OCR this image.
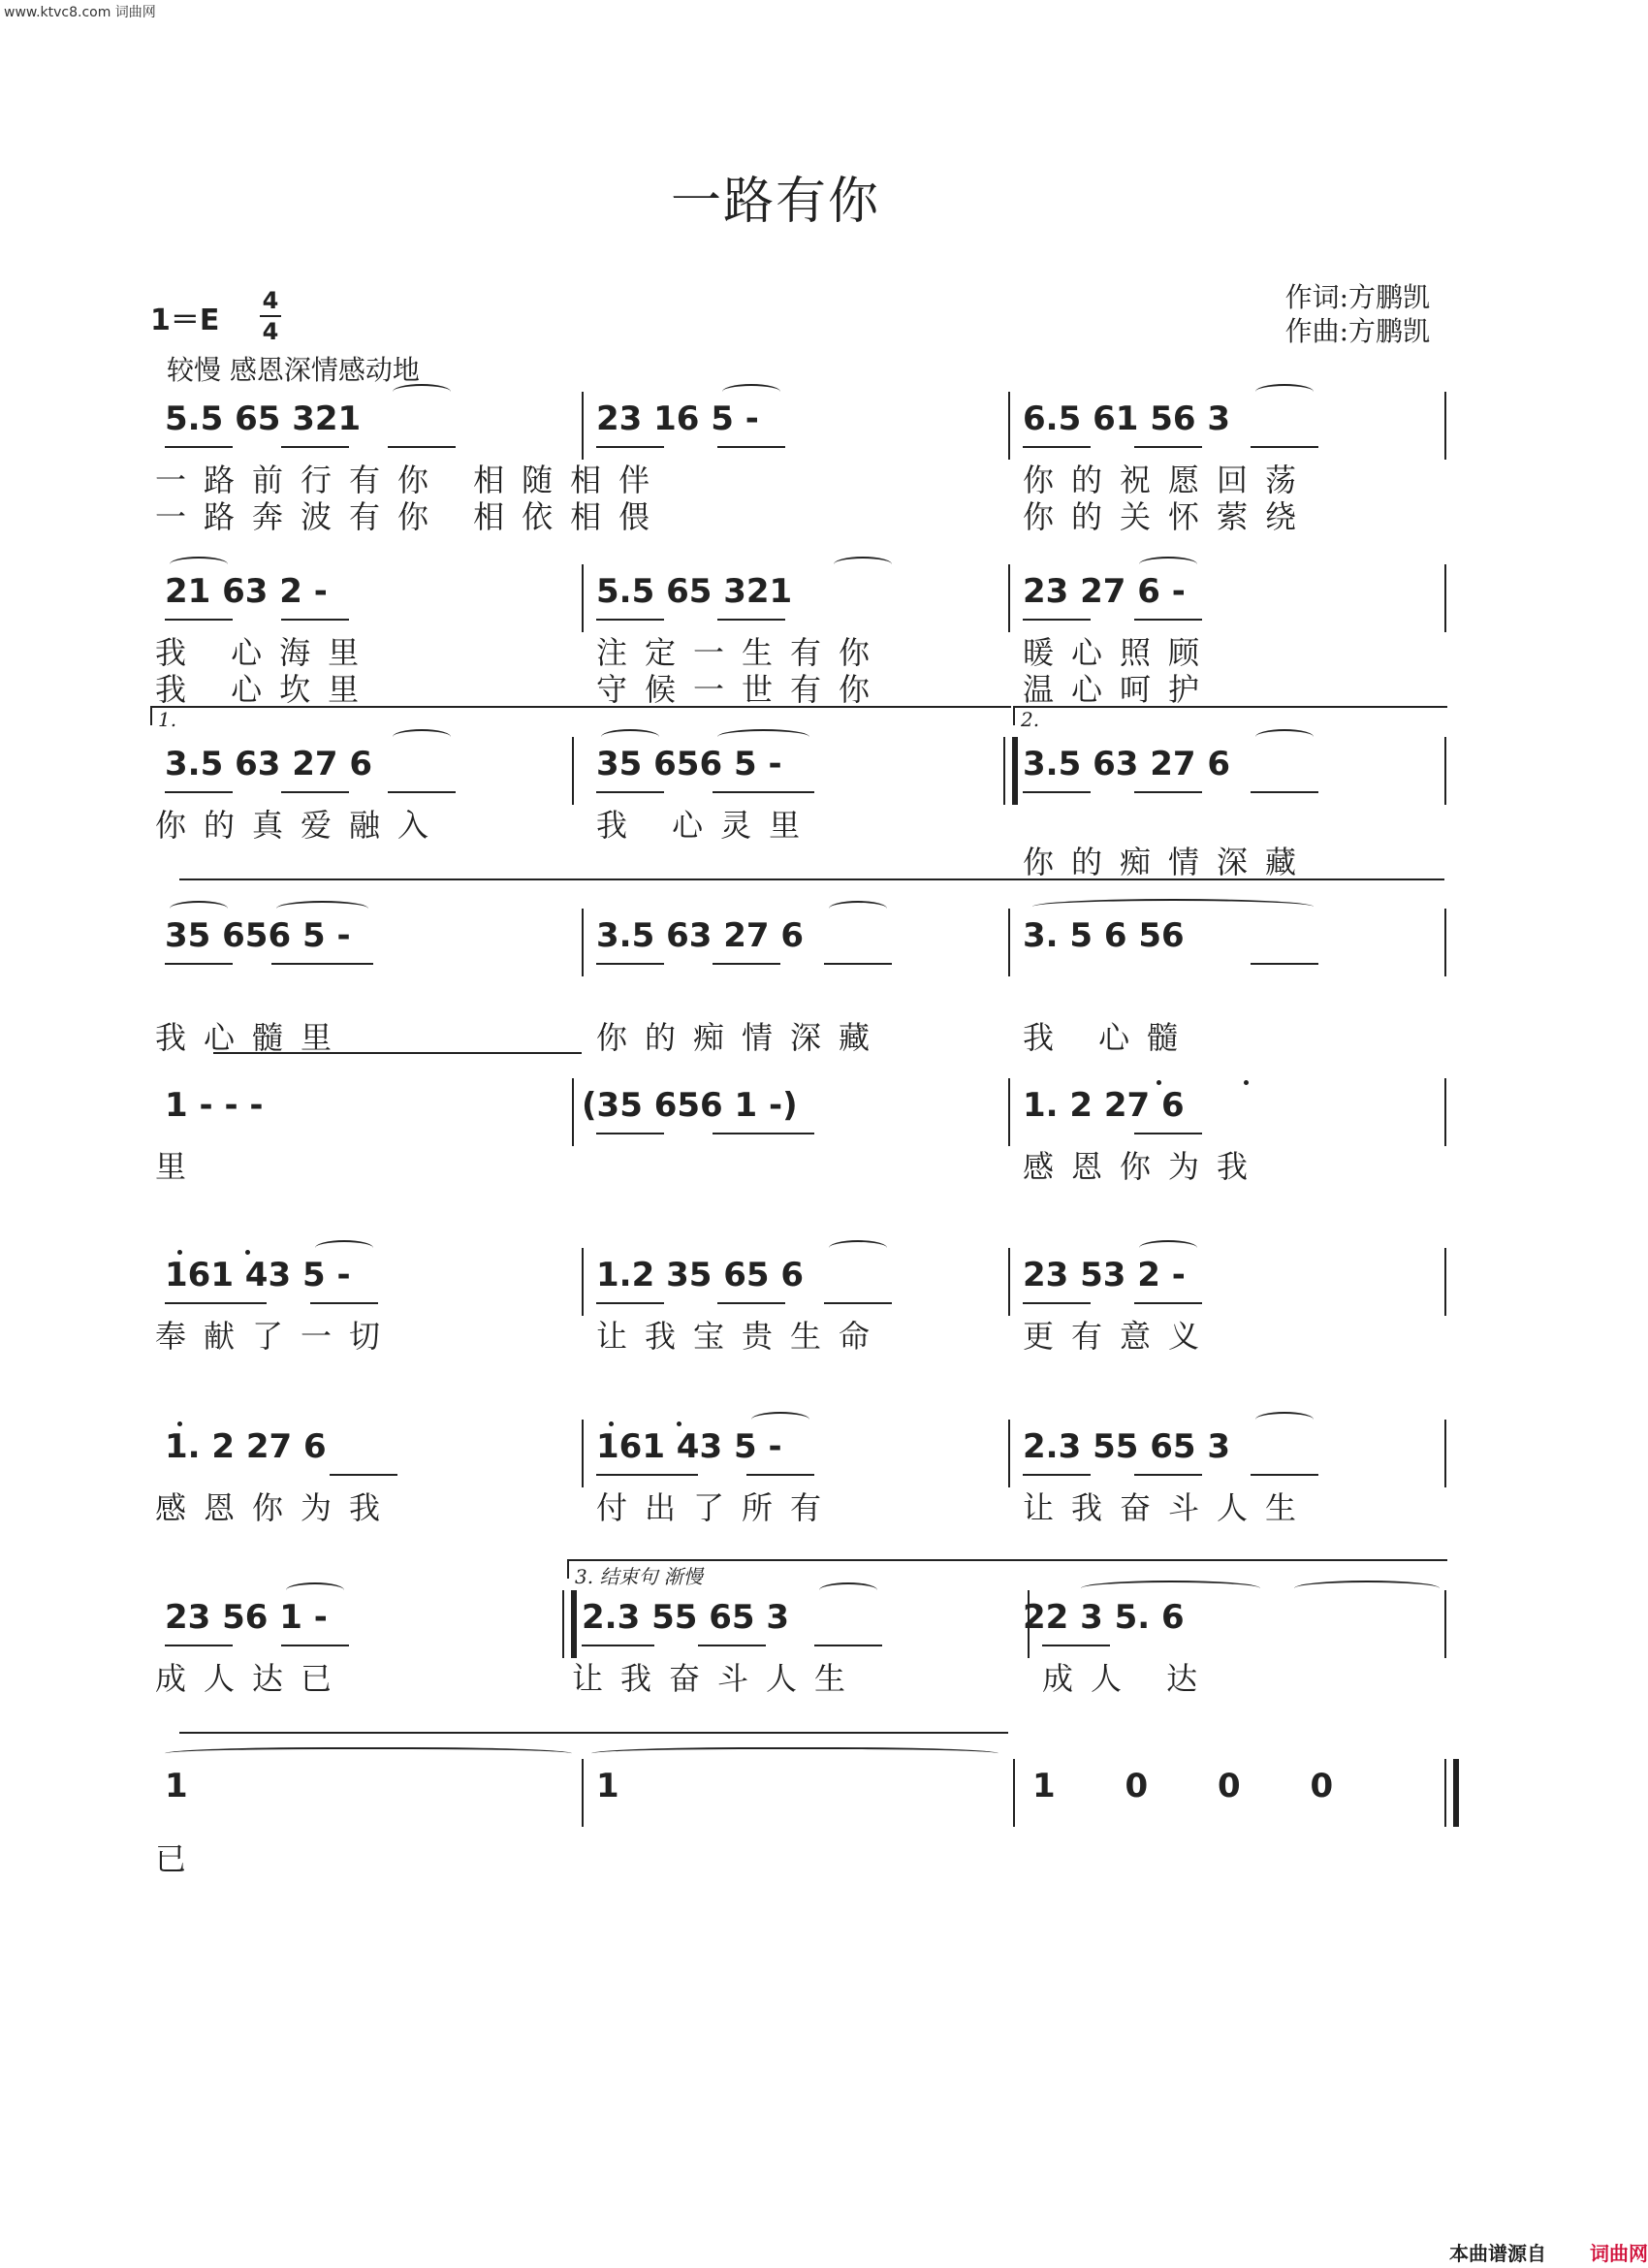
www.ktvc8.com 词曲网
一路有你
作词:方鹏凯
作曲:方鹏凯
1＝E
4
4
较慢 感恩深情感动地

5.5 65 321

	23 16 5 -

	6.5 61 56 3

一路前行有你 相随相伴	你的祝愿回荡
一路奔波有你 相依相偎	你的关怀萦绕

21 63 2 -

	5.5 65 321

	23 27 6 -

我 心海里	注定一生有你	暖心照顾
我 心坎里	守候一世有你	温心呵护
1.	2.

3.5 63 27 6

	35 656 5 -

	3.5 63 27 6

你的真爱融入	我 心灵里
你的痴情深藏

35 656 5 -

	3.5 63 27 6

	3. 5 6 56

我心髓里	你的痴情深藏	我 心髓

1 - - -

	(35 656 1 -)

	1. 2 27 6

里	感恩你为我

161 43 5 -

	1.2 35 65 6

	23 53 2 -

奉献了一切	让我宝贵生命	更有意义

1. 2 27 6

	161 43 5 -

	2.3 55 65 3

感恩你为我	付出了所有	让我奋斗人生
3. 结束句 渐慢

23 56 1 -

	2.3 55 65 3

	22 3 5. 6

成人达已	让我奋斗人生	成人 达

1

	1

	1 0 0 0

已
本曲谱源自 词曲网
